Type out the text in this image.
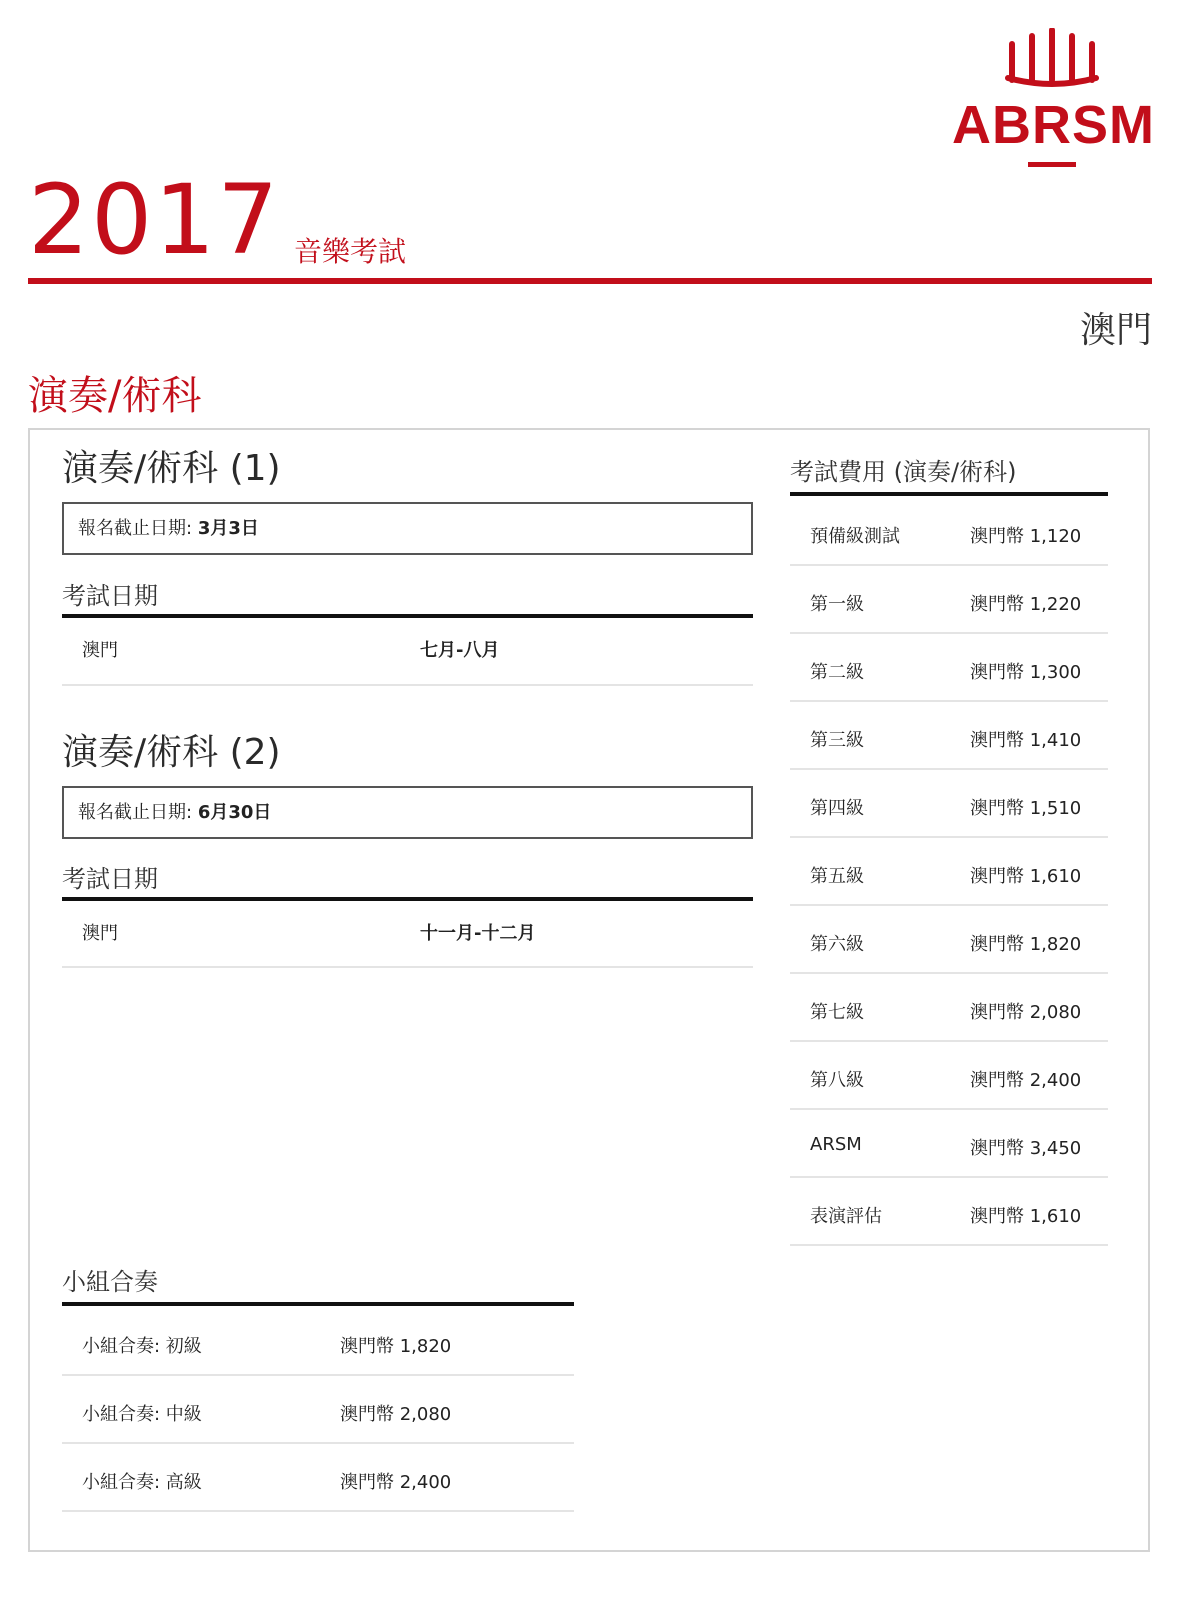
ABRSM
2017 音樂考試
澳門
演奏/術科
演奏/術科 (1)
報名截止日期: 3月3日
考試日期
澳門	七月-八月
演奏/術科 (2)
報名截止日期: 6月30日
考試日期
澳門	十一月-十二月
考試費用 (演奏/術科)
預備級測試	澳門幣 1,120
第一級	澳門幣 1,220
第二級	澳門幣 1,300
第三級	澳門幣 1,410
第四級	澳門幣 1,510
第五級	澳門幣 1,610
第六級	澳門幣 1,820
第七級	澳門幣 2,080
第八級	澳門幣 2,400
ARSM	澳門幣 3,450
表演評估	澳門幣 1,610
小組合奏
小組合奏: 初級	澳門幣 1,820
小組合奏: 中級	澳門幣 2,080
小組合奏: 高級	澳門幣 2,400
